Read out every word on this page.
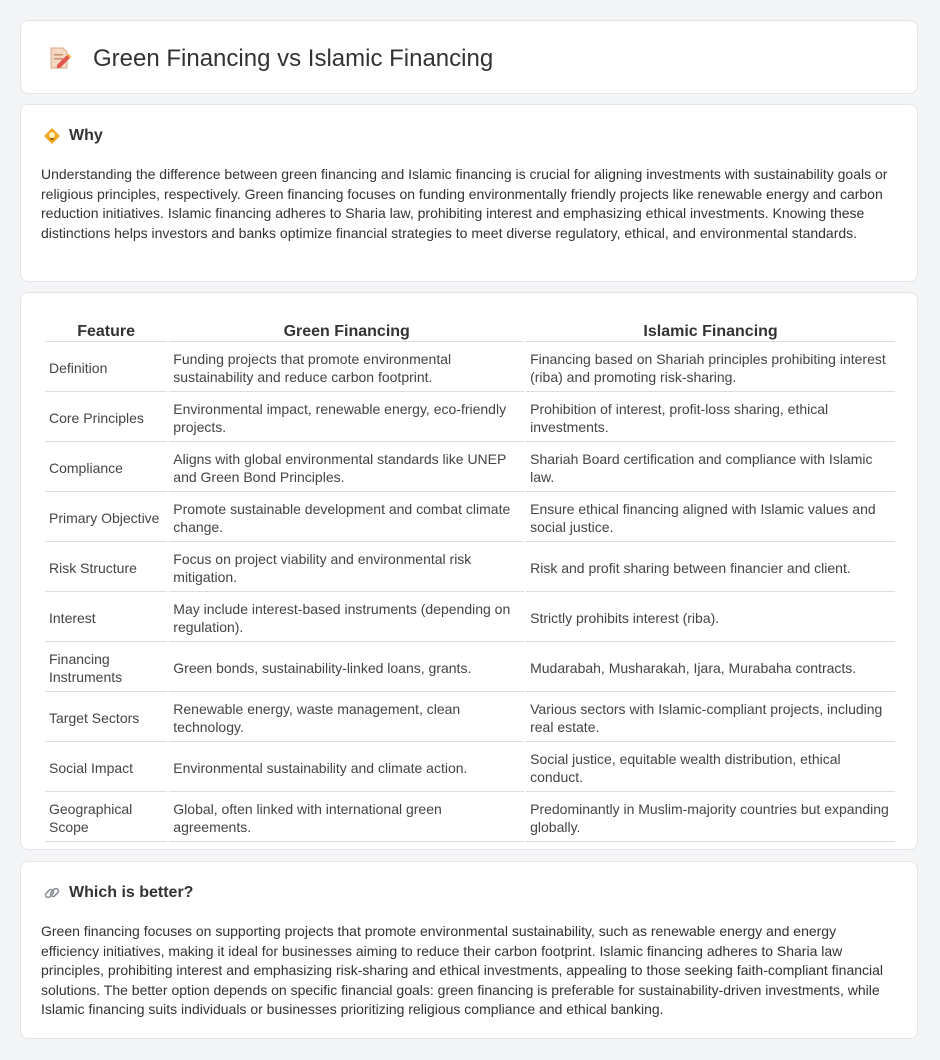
Green Financing vs Islamic Financing
Why

Understanding the difference between green financing and Islamic financing is crucial for aligning investments with sustainability goals or religious principles, respectively. Green financing focuses on funding environmentally friendly projects like renewable energy and carbon reduction initiatives. Islamic financing adheres to Sharia law, prohibiting interest and emphasizing ethical investments. Knowing these distinctions helps investors and banks optimize financial strategies to meet diverse regulatory, ethical, and environmental standards.

Feature	Green Financing	Islamic Financing
Definition	Funding projects that promote environmental sustainability and reduce carbon footprint.	Financing based on Shariah principles prohibiting interest (riba) and promoting risk-sharing.
Core Principles	Environmental impact, renewable energy, eco-friendly projects.	Prohibition of interest, profit-loss sharing, ethical investments.
Compliance	Aligns with global environmental standards like UNEP and Green Bond Principles.	Shariah Board certification and compliance with Islamic law.
Primary Objective	Promote sustainable development and combat climate change.	Ensure ethical financing aligned with Islamic values and social justice.
Risk Structure	Focus on project viability and environmental risk mitigation.	Risk and profit sharing between financier and client.
Interest	May include interest-based instruments (depending on regulation).	Strictly prohibits interest (riba).
Financing Instruments	Green bonds, sustainability-linked loans, grants.	Mudarabah, Musharakah, Ijara, Murabaha contracts.
Target Sectors	Renewable energy, waste management, clean technology.	Various sectors with Islamic-compliant projects, including real estate.
Social Impact	Environmental sustainability and climate action.	Social justice, equitable wealth distribution, ethical conduct.
Geographical Scope	Global, often linked with international green agreements.	Predominantly in Muslim-majority countries but expanding globally.
Which is better?

Green financing focuses on supporting projects that promote environmental sustainability, such as renewable energy and energy efficiency initiatives, making it ideal for businesses aiming to reduce their carbon footprint. Islamic financing adheres to Sharia law principles, prohibiting interest and emphasizing risk-sharing and ethical investments, appealing to those seeking faith-compliant financial solutions. The better option depends on specific financial goals: green financing is preferable for sustainability-driven investments, while Islamic financing suits individuals or businesses prioritizing religious compliance and ethical banking.
